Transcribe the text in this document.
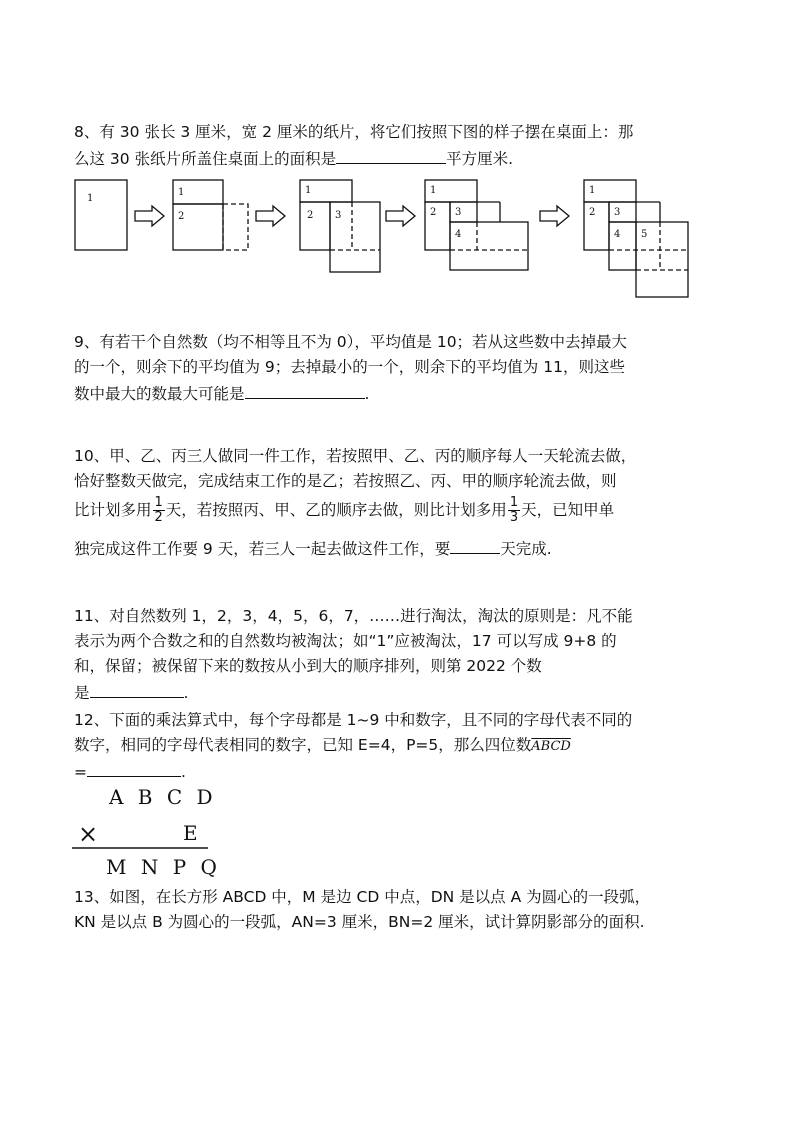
8、有 30 张长 3 厘米，宽 2 厘米的纸片，将它们按照下图的样子摆在桌面上：那
么这 30 张纸片所盖住桌面上的面积是	平方厘米.
1
1
2
1
2 3
1
2 3
4
1
2 3
4 5
9、有若干个自然数（均不相等且不为 0），平均值是 10；若从这些数中去掉最大
的一个，则余下的平均值为 9；去掉最小的一个，则余下的平均值为 11，则这些
数中最大的数最大可能是	.
10、甲、乙、丙三人做同一件工作，若按照甲、乙、丙的顺序每人一天轮流去做，
恰好整数天做完，完成结束工作的是乙；若按照乙、丙、甲的顺序轮流去做，则
比计划多用 $\frac{1}{2}$ 天，若按照丙、甲、乙的顺序去做，则比计划多用 $\frac{1}{3}$ 天，已知甲单
独完成这件工作要 9 天，若三人一起去做这件工作，要	天完成.
11、对自然数列 1，2，3，4，5，6，7，……进行淘汰，淘汰的原则是：凡不能
表示为两个合数之和的自然数均被淘汰；如“1”应被淘汰，17 可以写成 9+8 的
和，保留；被保留下来的数按从小到大的顺序排列，则第 2022 个数
是	.
12、下面的乘法算式中，每个字母都是 1~9 中和数字，且不同的字母代表不同的
数字，相同的字母代表相同的数字，已知 E=4，P=5，那么四位数ABCD
=	.
A B C D
×	E
M N P Q
13、如图，在长方形 ABCD 中，M 是边 CD 中点，DN 是以点 A 为圆心的一段弧，
KN 是以点 B 为圆心的一段弧，AN=3 厘米，BN=2 厘米，试计算阴影部分的面积.
